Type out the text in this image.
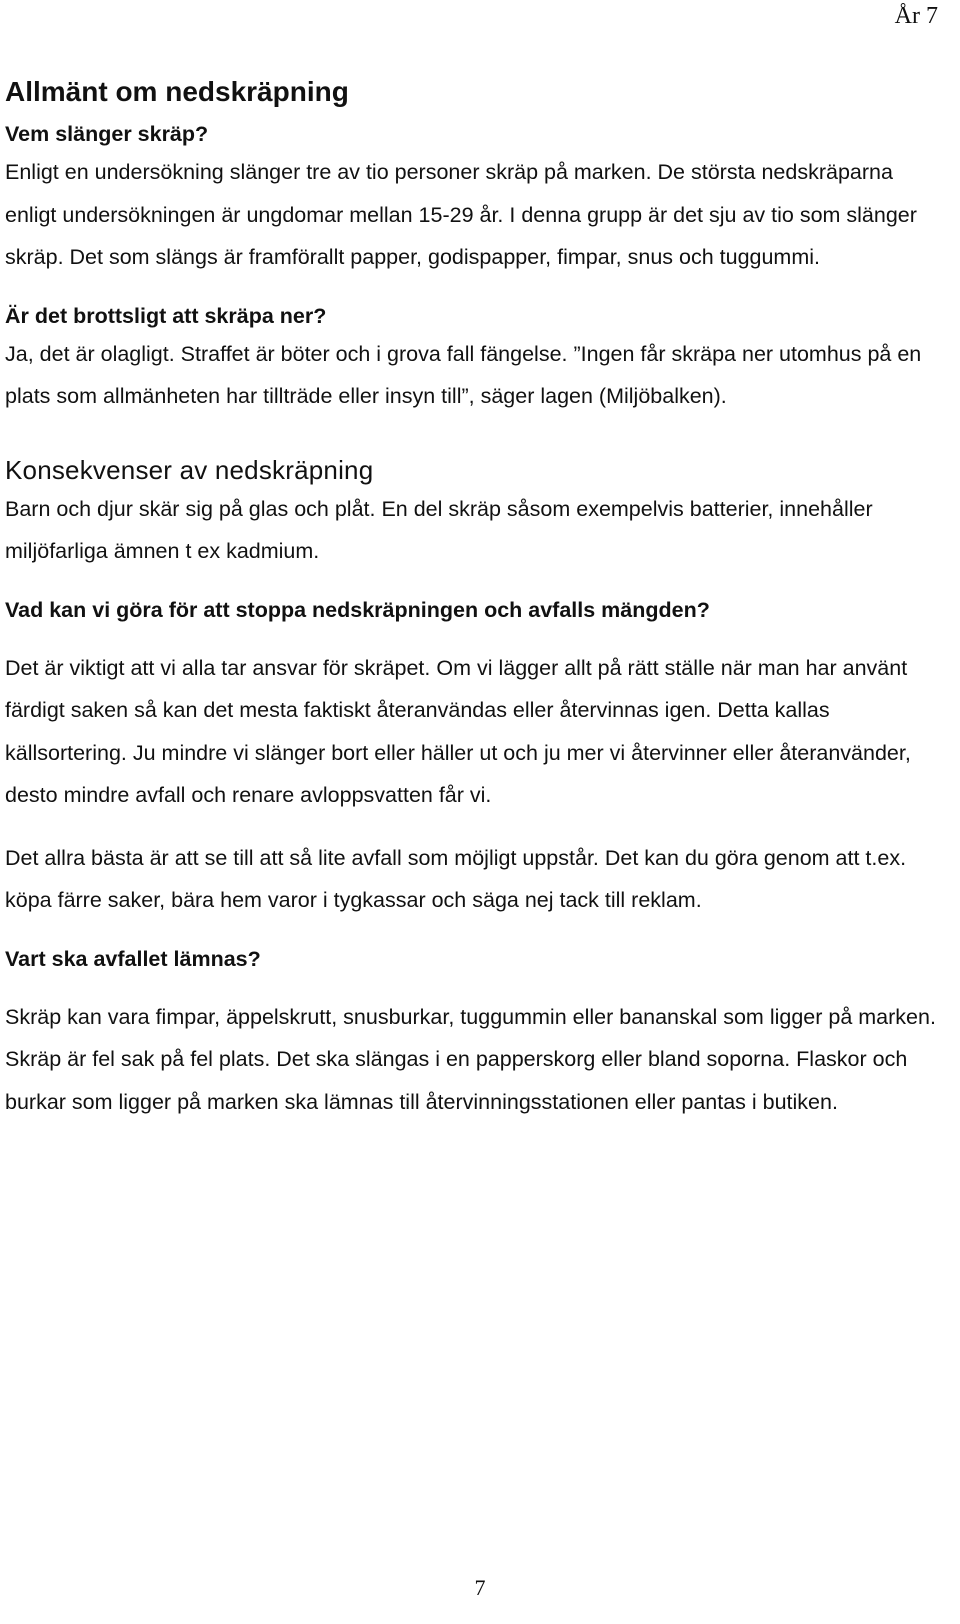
År 7
Allmänt om nedskräpning
Vem slänger skräp?

Enligt en undersökning slänger tre av tio personer skräp på marken. De största nedskräparna enligt undersökningen är ungdomar mellan 15-29 år. I denna grupp är det sju av tio som slänger skräp. Det som slängs är framförallt papper, godispapper, fimpar, snus och tuggummi.

Är det brottsligt att skräpa ner?

Ja, det är olagligt. Straffet är böter och i grova fall fängelse. ”Ingen får skräpa ner utomhus på en plats som allmänheten har tillträde eller insyn till”, säger lagen (Miljöbalken).

Konsekvenser av nedskräpning

Barn och djur skär sig på glas och plåt. En del skräp såsom exempelvis batterier, innehåller miljöfarliga ämnen t ex kadmium.

Vad kan vi göra för att stoppa nedskräpningen och avfalls mängden?

Det är viktigt att vi alla tar ansvar för skräpet. Om vi lägger allt på rätt ställe när man har använt färdigt saken så kan det mesta faktiskt återanvändas eller återvinnas igen. Detta kallas källsortering. Ju mindre vi slänger bort eller häller ut och ju mer vi återvinner eller återanvänder, desto mindre avfall och renare avloppsvatten får vi.

Det allra bästa är att se till att så lite avfall som möjligt uppstår. Det kan du göra genom att t.ex. köpa färre saker, bära hem varor i tygkassar och säga nej tack till reklam.

Vart ska avfallet lämnas?

Skräp kan vara fimpar, äppelskrutt, snusburkar, tuggummin eller bananskal som ligger på marken. Skräp är fel sak på fel plats. Det ska slängas i en papperskorg eller bland soporna. Flaskor och burkar som ligger på marken ska lämnas till återvinningsstationen eller pantas i butiken.

7
